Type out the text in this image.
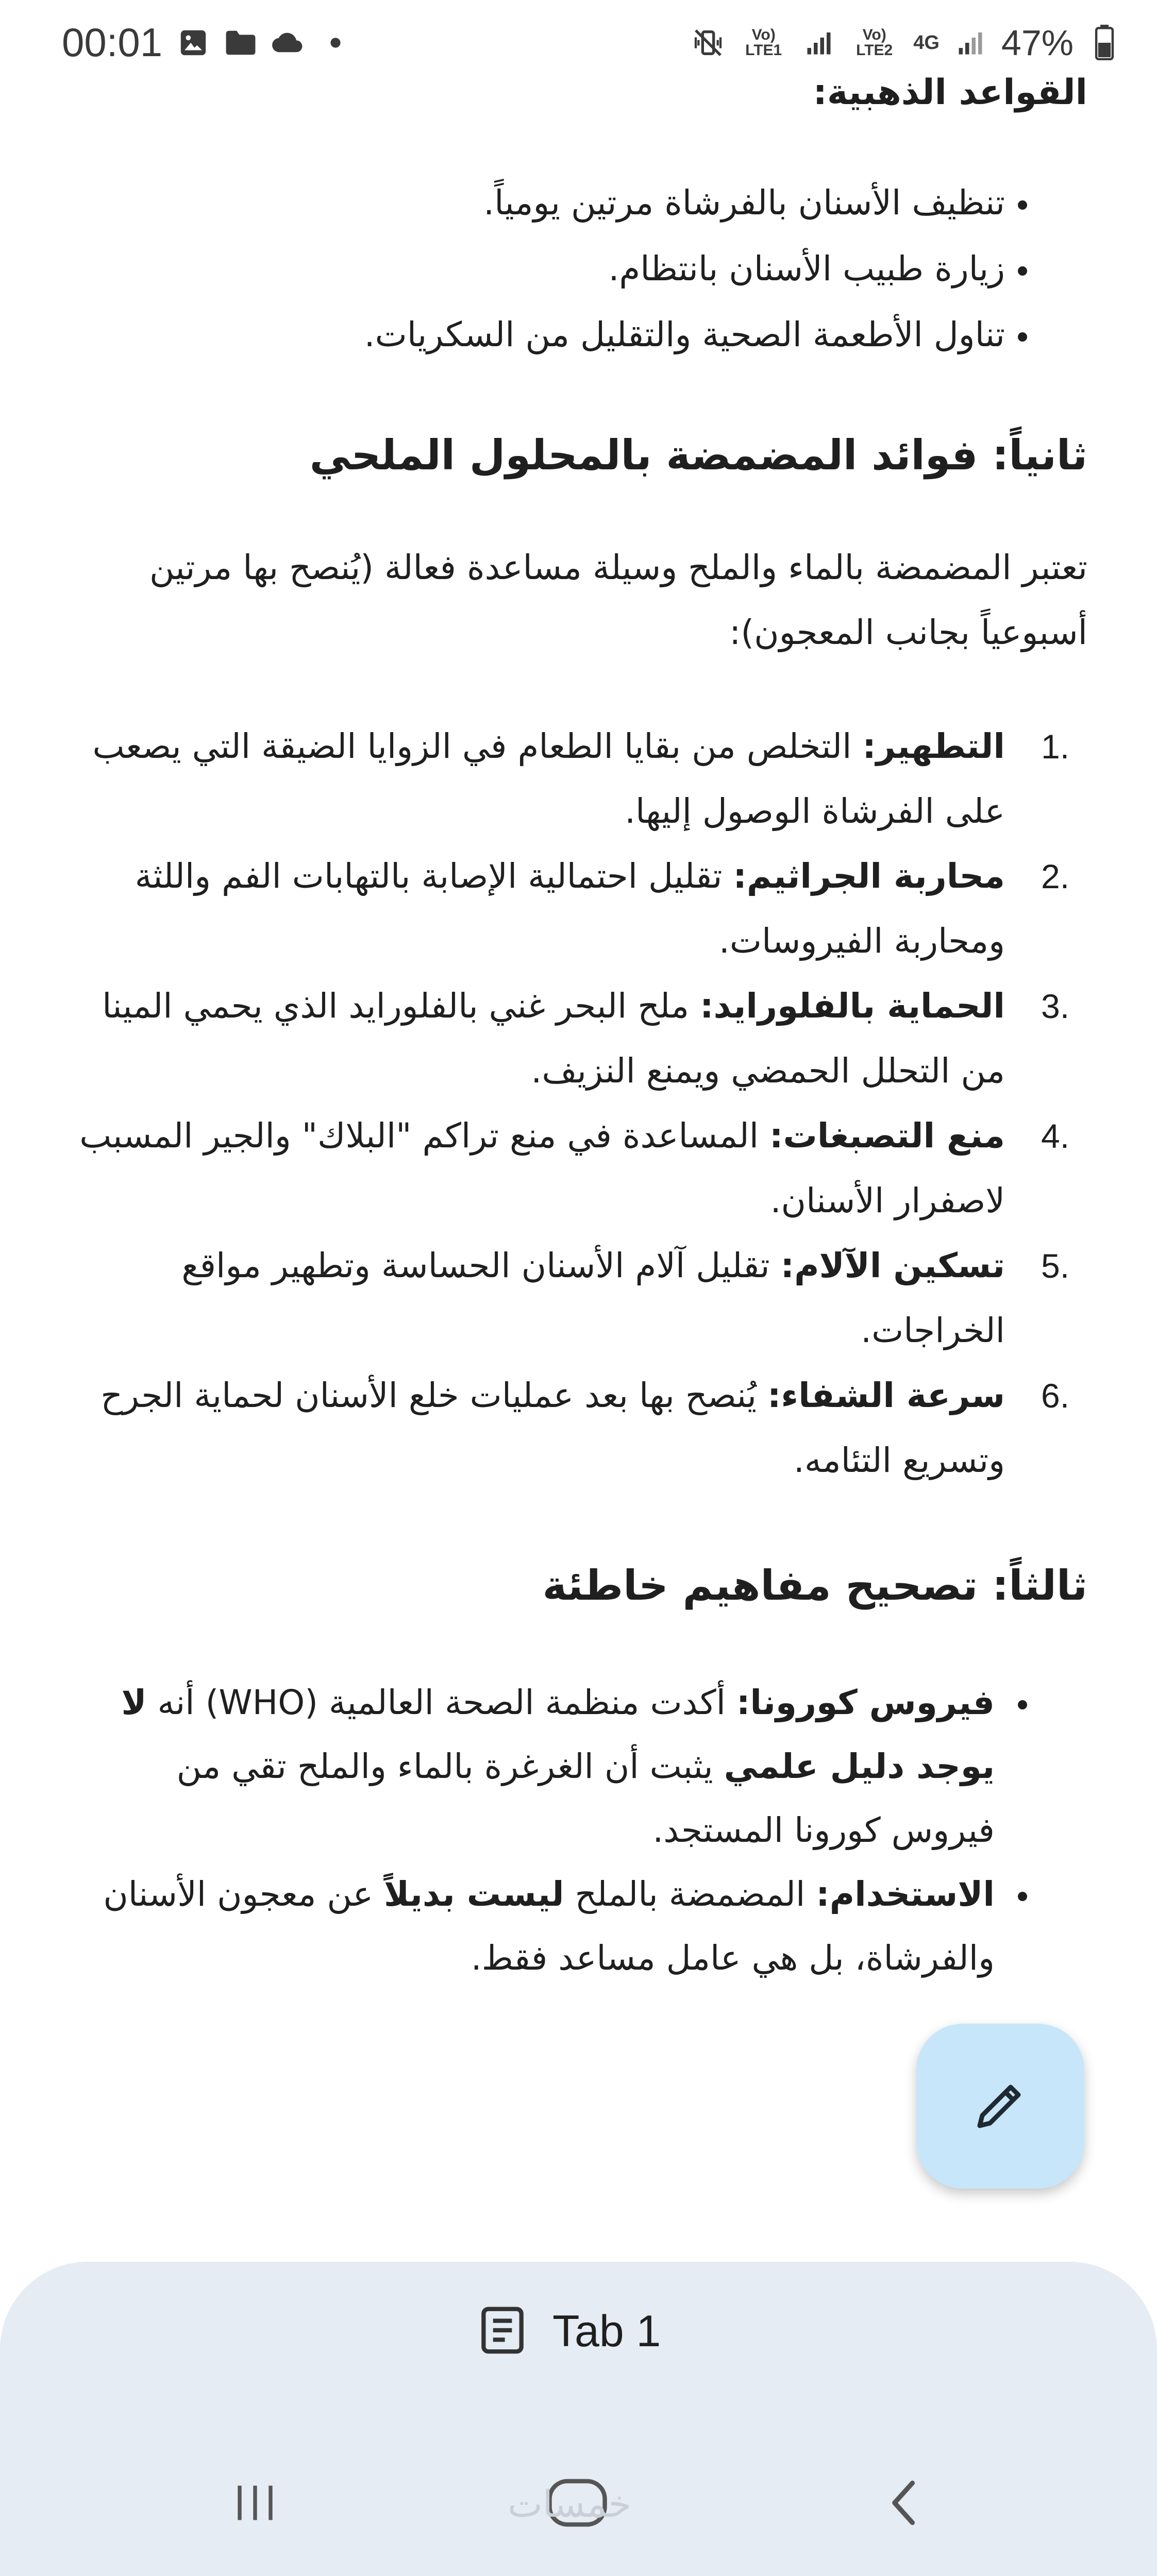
00:01	Vo) LTE1
Vo) LTE2	4G 47%

القواعد الذهبية:

• تنظيف الأسنان بالفرشاة مرتين يومياً.
• زيارة طبيب الأسنان بانتظام.
• تناول الأطعمة الصحية والتقليل من السكريات.
ثانياً: فوائد المضمضة بالمحلول الملحي

تعتبر المضمضة بالماء والملح وسيلة مساعدة فعالة (يُنصح بها مرتين أسبوعياً بجانب المعجون):

.1
التطهير: التخلص من بقايا الطعام في الزوايا الضيقة التي يصعب على الفرشاة الوصول إليها.
.2
محاربة الجراثيم: تقليل احتمالية الإصابة بالتهابات الفم واللثة ومحاربة الفيروسات.
.3
الحماية بالفلورايد: ملح البحر غني بالفلورايد الذي يحمي المينا من التحلل الحمضي ويمنع النزيف.
.4
منع التصبغات: المساعدة في منع تراكم "البلاك" والجير المسبب لاصفرار الأسنان.
.5
تسكين الآلام: تقليل آلام الأسنان الحساسة وتطهير مواقع الخراجات.
.6
سرعة الشفاء: يُنصح بها بعد عمليات خلع الأسنان لحماية الجرح وتسريع التئامه.
ثالثاً: تصحيح مفاهيم خاطئة
• فيروس كورونا: أكدت منظمة الصحة العالمية (WHO) أنه لا يوجد دليل علمي يثبت أن الغرغرة بالماء والملح تقي من فيروس كورونا المستجد.
• الاستخدام: المضمضة بالملح ليست بديلاً عن معجون الأسنان والفرشاة، بل هي عامل مساعد فقط.
Tab 1
خمسات
